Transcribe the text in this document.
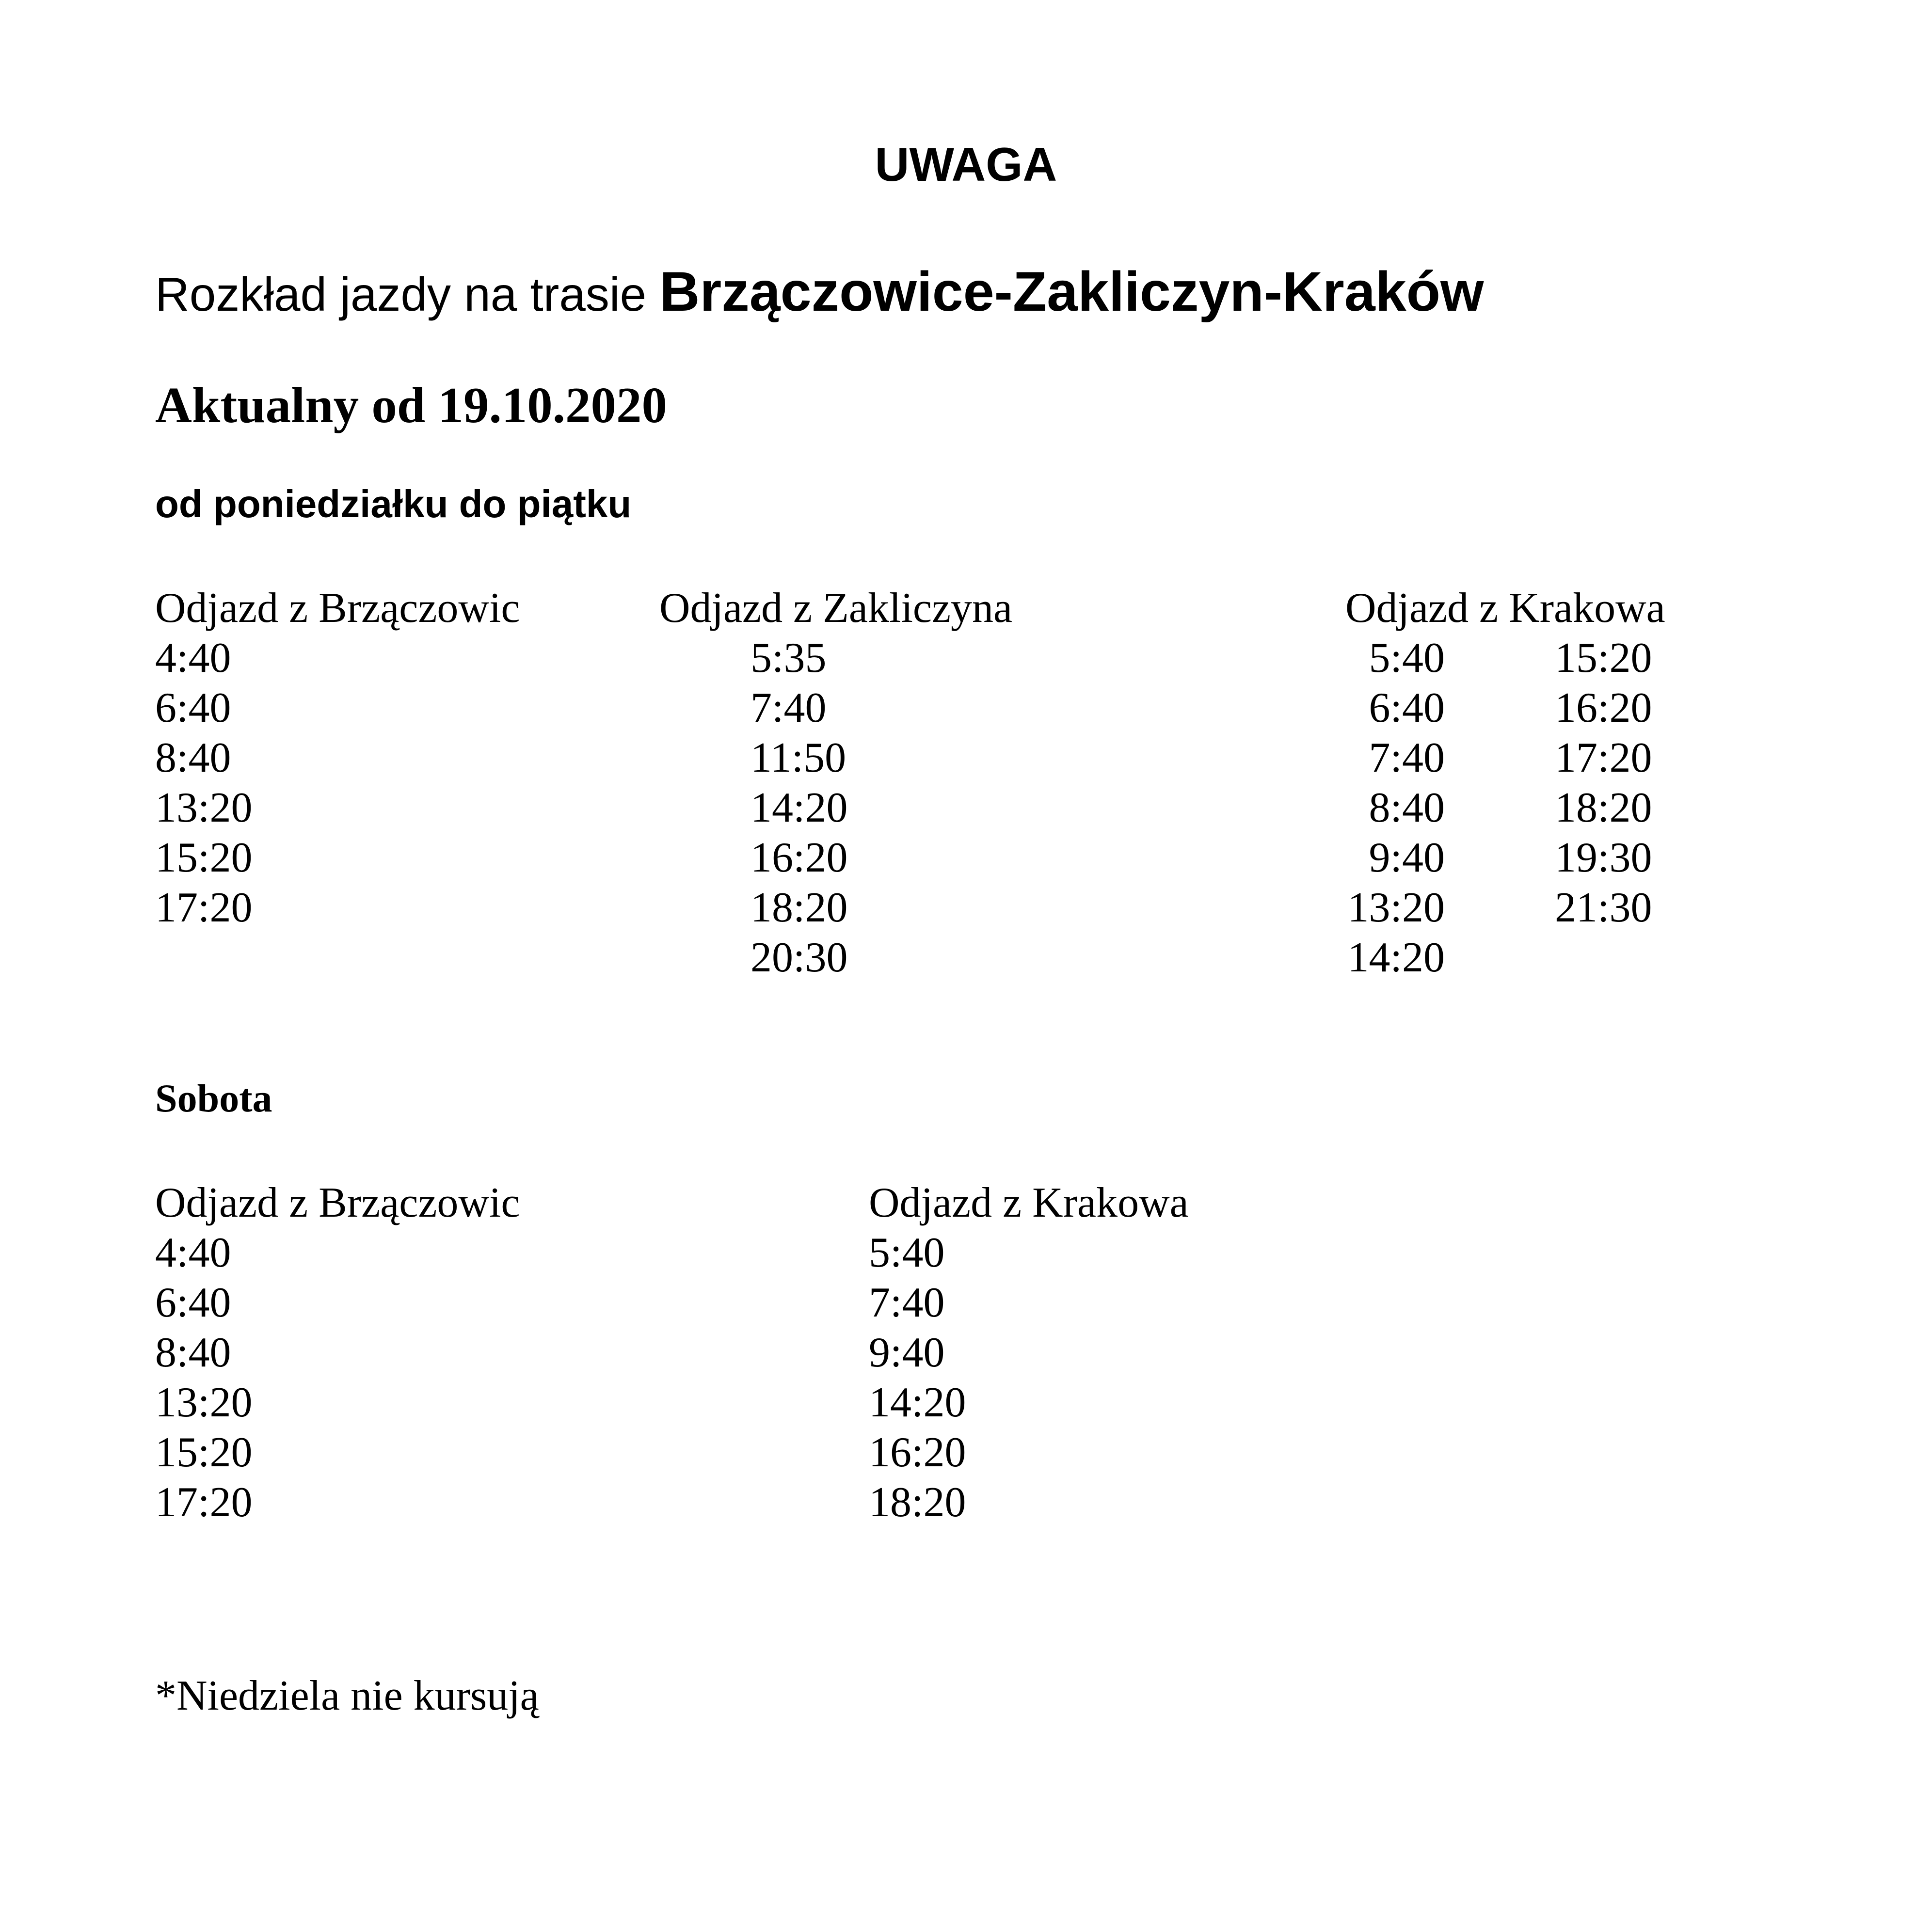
UWAGA
Rozkład jazdy na trasie Brzączowice-Zakliczyn-Kraków
Aktualny od 19.10.2020
od poniedziałku do piątku
Odjazd z Brzączowic
4:40
6:40
8:40
13:20
15:20
17:20
Odjazd z Zakliczyna
5:35
7:40
11:50
14:20
16:20
18:20
20:30
Odjazd z Krakowa
5:40
6:40
7:40
8:40
9:40
13:20
14:20
15:20
16:20
17:20
18:20
19:30
21:30
Sobota
Odjazd z Brzączowic
4:40
6:40
8:40
13:20
15:20
17:20
Odjazd z Krakowa
5:40
7:40
9:40
14:20
16:20
18:20
*Niedziela nie kursują
